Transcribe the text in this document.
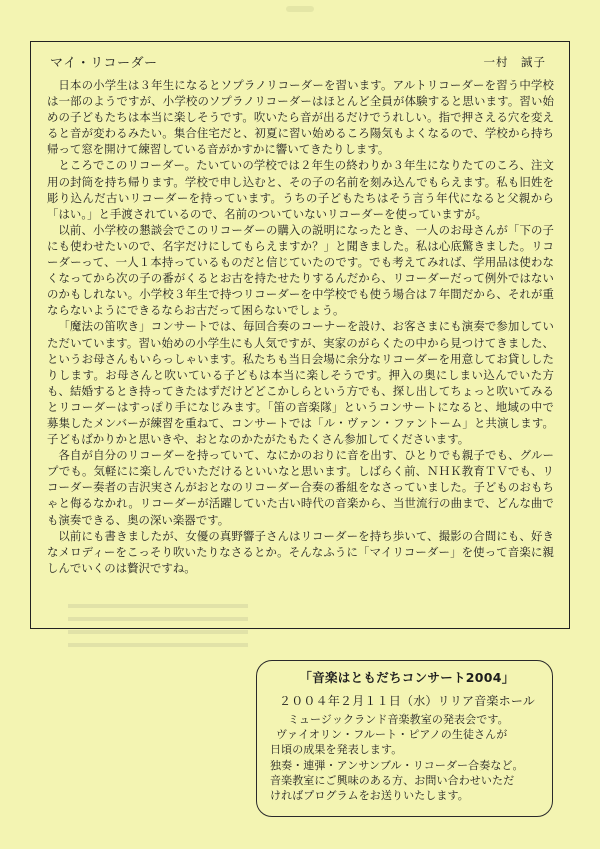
マイ・リコーダー	一村　誠子

日本の小学生は３年生になるとソプラノリコーダーを習います。アルトリコーダーを習う中学校は一部のようですが、小学校のソプラノリコーダーはほとんど全員が体験すると思います。習い始めの子どもたちは本当に楽しそうです。吹いたら音が出るだけでうれしい。指で押さえる穴を変えると音が変わるみたい。集合住宅だと、初夏に習い始めるころ陽気もよくなるので、学校から持ち帰って窓を開けて練習している音がかすかに響いてきたりします。

ところでこのリコーダー。たいていの学校では２年生の終わりか３年生になりたてのころ、注文用の封筒を持ち帰ります。学校で申し込むと、その子の名前を刻み込んでもらえます。私も旧姓を彫り込んだ古いリコーダーを持っています。うちの子どもたちはそう言う年代になると父親から「はい。」と手渡されているので、名前のついていないリコーダーを使っていますが。

以前、小学校の懇談会でこのリコーダーの購入の説明になったとき、一人のお母さんが「下の子にも使わせたいので、名字だけにしてもらえますか？」と聞きました。私は心底驚きました。リコーダーって、一人１本持っているものだと信じていたのです。でも考えてみれば、学用品は使わなくなってから次の子の番がくるとお古を持たせたりするんだから、リコーダーだって例外ではないのかもしれない。小学校３年生で持つリコーダーを中学校でも使う場合は７年間だから、それが重ならないようにできるならお古だって困らないでしょう。

「魔法の笛吹き」コンサートでは、毎回合奏のコーナーを設け、お客さまにも演奏で参加していただいています。習い始めの小学生にも人気ですが、実家のがらくたの中から見つけてきました、というお母さんもいらっしゃいます。私たちも当日会場に余分なリコーダーを用意してお貸ししたりします。お母さんと吹いている子どもは本当に楽しそうです。押入の奥にしまい込んでいた方も、結婚するとき持ってきたはずだけどどこかしらという方でも、探し出してちょっと吹いてみるとリコーダーはすっぽり手になじみます。「笛の音楽隊」というコンサートになると、地域の中で募集したメンバーが練習を重ねて、コンサートでは「ル・ヴァン・ファントーム」と共演します。子どもばかりかと思いきや、おとなのかたがたもたくさん参加してくださいます。

各自が自分のリコーダーを持っていて、なにかのおりに音を出す、ひとりでも親子でも、グループでも。気軽にに楽しんでいただけるといいなと思います。しばらく前、ＮＨＫ教育ＴＶでも、リコーダー奏者の吉沢実さんがおとなのリコーダー合奏の番組をなさっていました。子どものおもちゃと侮るなかれ。リコーダーが活躍していた古い時代の音楽から、当世流行の曲まで、どんな曲でも演奏できる、奥の深い楽器です。

以前にも書きましたが、女優の真野響子さんはリコーダーを持ち歩いて、撮影の合間にも、好きなメロディーをこっそり吹いたりなさるとか。そんなふうに「マイリコーダー」を使って音楽に親しんでいくのは贅沢ですね。

「音楽はともだちコンサート2004」
２００４年２月１１日（水）リリア音楽ホール
ミュージックランド音楽教室の発表会です。
ヴァイオリン・フルート・ピアノの生徒さんが
日頃の成果を発表します。
独奏・連弾・アンサンブル・リコーダー合奏など。
音楽教室にご興味のある方、お問い合わせいただ
ければプログラムをお送りいたします。
